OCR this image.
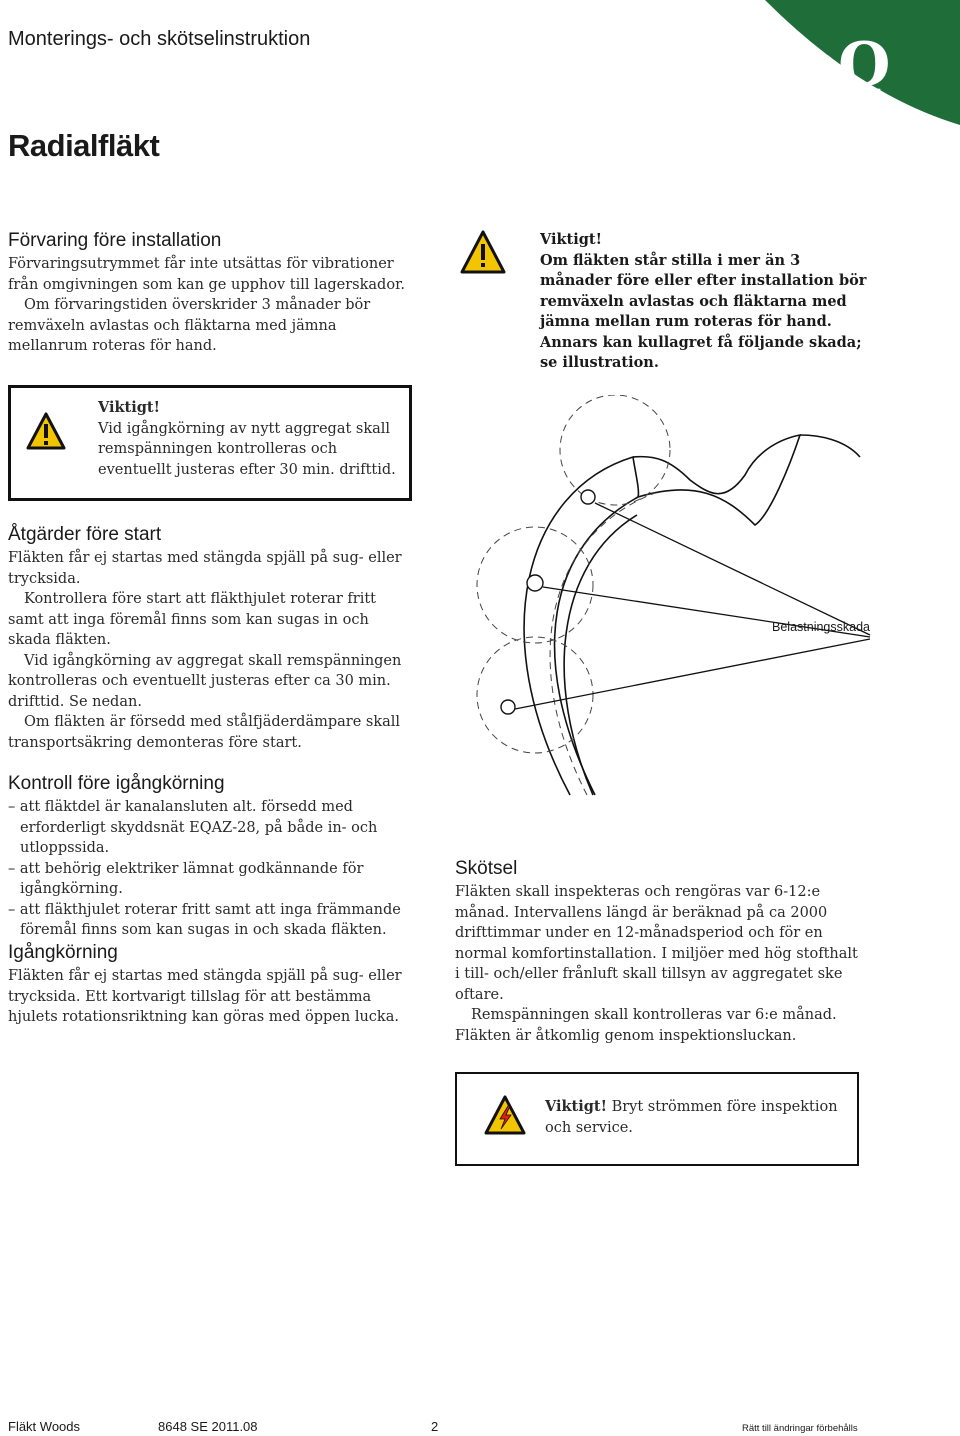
Monterings- och skötselinstruktion	eQ
Radialfläkt
Förvaring före installation

Förvaringsutrymmet får inte utsättas för vibrationer från omgivningen som kan ge upphov till lagerskador.

Om förvaringstiden överskrider 3 månader bör remväxeln avlastas och fläktarna med jämna mellanrum roteras för hand.

Viktigt!
Om fläkten står stilla i mer än 3 månader före eller efter installation bör remväxeln avlastas och fläktarna med jämna mellan rum roteras för hand. Annars kan kullagret få följande skada; se illustration.
Viktigt!
Vid igångkörning av nytt aggregat skall remspänningen kontrolleras och eventuellt justeras efter 30 min. drifttid.
Åtgärder före start

Fläkten får ej startas med stängda spjäll på sug- eller trycksida.

Kontrollera före start att fläkthjulet roterar fritt samt att inga föremål finns som kan sugas in och skada fläkten.

Vid igångkörning av aggregat skall remspänningen kontrolleras och eventuellt justeras efter ca 30 min. drifttid. Se nedan.

Om fläkten är försedd med stålfjäderdämpare skall transportsäkring demonteras före start.

Kontroll före igångkörning

– att fläktdel är kanalansluten alt. försedd med erforderligt skyddsnät EQAZ-28, på både in- och utloppssida.

– att behörig elektriker lämnat godkännande för igångkörning.

– att fläkthjulet roterar fritt samt att inga främmande föremål finns som kan sugas in och skada fläkten.

Igångkörning

Fläkten får ej startas med stängda spjäll på sug- eller trycksida. Ett kortvarigt tillslag för att bestämma hjulets rotationsriktning kan göras med öppen lucka.

Belastningsskada
Skötsel

Fläkten skall inspekteras och rengöras var 6-12:e månad. Intervallens längd är beräknad på ca 2000 drifttimmar under en 12-månadsperiod och för en normal komfortinstallation. I miljöer med hög stofthalt i till- och/eller frånluft skall tillsyn av aggregatet ske oftare.

Remspänningen skall kontrolleras var 6:e månad. Fläkten är åtkomlig genom inspektionsluckan.

Viktigt! Bryt strömmen före inspektion och service.
Fläkt Woods	8648 SE 2011.08	2	Rätt till ändringar förbehålls
